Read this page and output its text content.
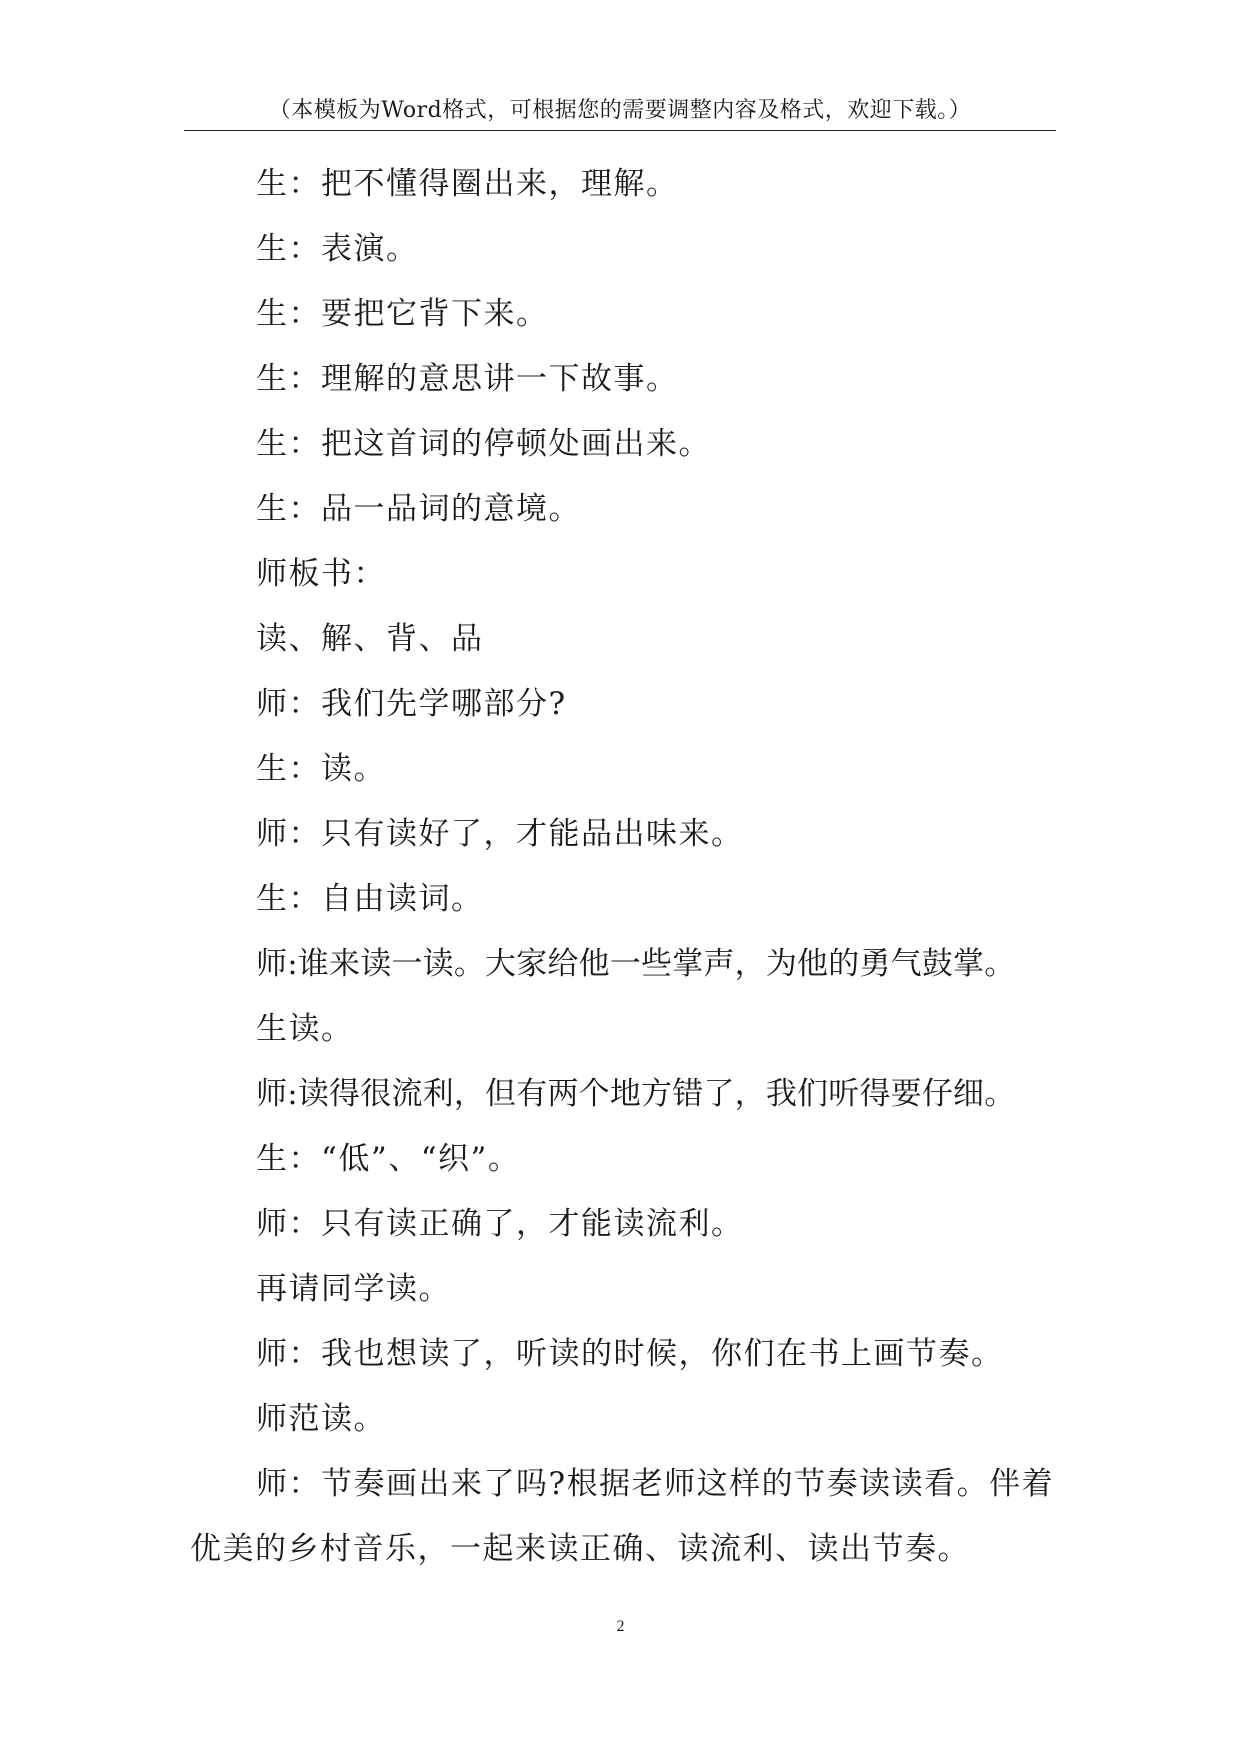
（本模板为Word格式，可根据您的需要调整内容及格式，欢迎下载。）

生：把不懂得圈出来，理解。

生：表演。

生：要把它背下来。

生：理解的意思讲一下故事。

生：把这首词的停顿处画出来。

生：品一品词的意境。

师板书：

读、解、背、品

师：我们先学哪部分?

生：读。

师：只有读好了，才能品出味来。

生：自由读词。

师:谁来读一读。大家给他一些掌声，为他的勇气鼓掌。

生读。

师:读得很流利，但有两个地方错了，我们听得要仔细。

生：“低”、“织”。

师：只有读正确了，才能读流利。

再请同学读。

师：我也想读了，听读的时候，你们在书上画节奏。

师范读。

师：节奏画出来了吗?根据老师这样的节奏读读看。伴着优美的乡村音乐，一起来读正确、读流利、读出节奏。

2
